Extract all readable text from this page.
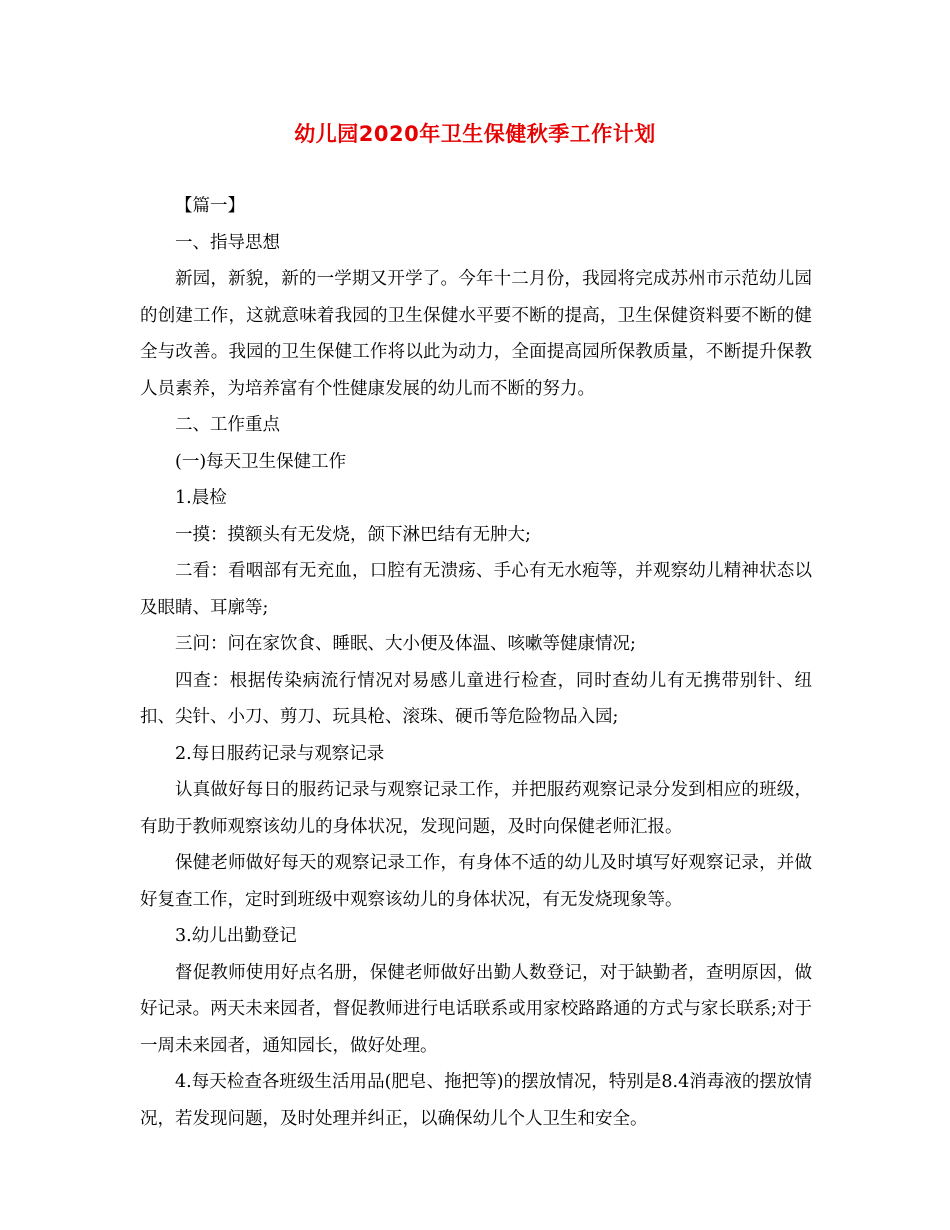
幼儿园2020年卫生保健秋季工作计划

【篇一】

一、指导思想

新园，新貌，新的一学期又开学了。今年十二月份，我园将完成苏州市示范幼儿园的创建工作，这就意味着我园的卫生保健水平要不断的提高，卫生保健资料要不断的健全与改善。我园的卫生保健工作将以此为动力，全面提高园所保教质量，不断提升保教人员素养，为培养富有个性健康发展的幼儿而不断的努力。

二、工作重点

(一)每天卫生保健工作

1.晨检

一摸：摸额头有无发烧，颌下淋巴结有无肿大;

二看：看咽部有无充血，口腔有无溃疡、手心有无水疱等，并观察幼儿精神状态以及眼睛、耳廓等;

三问：问在家饮食、睡眠、大小便及体温、咳嗽等健康情况;

四查：根据传染病流行情况对易感儿童进行检查，同时查幼儿有无携带别针、纽扣、尖针、小刀、剪刀、玩具枪、滚珠、硬币等危险物品入园;

2.每日服药记录与观察记录

认真做好每日的服药记录与观察记录工作，并把服药观察记录分发到相应的班级，有助于教师观察该幼儿的身体状况，发现问题，及时向保健老师汇报。

保健老师做好每天的观察记录工作，有身体不适的幼儿及时填写好观察记录，并做好复查工作，定时到班级中观察该幼儿的身体状况，有无发烧现象等。

3.幼儿出勤登记

督促教师使用好点名册，保健老师做好出勤人数登记，对于缺勤者，查明原因，做好记录。两天未来园者，督促教师进行电话联系或用家校路路通的方式与家长联系;对于一周未来园者，通知园长，做好处理。

4.每天检查各班级生活用品(肥皂、拖把等)的摆放情况，特别是8.4消毒液的摆放情况，若发现问题，及时处理并纠正，以确保幼儿个人卫生和安全。
